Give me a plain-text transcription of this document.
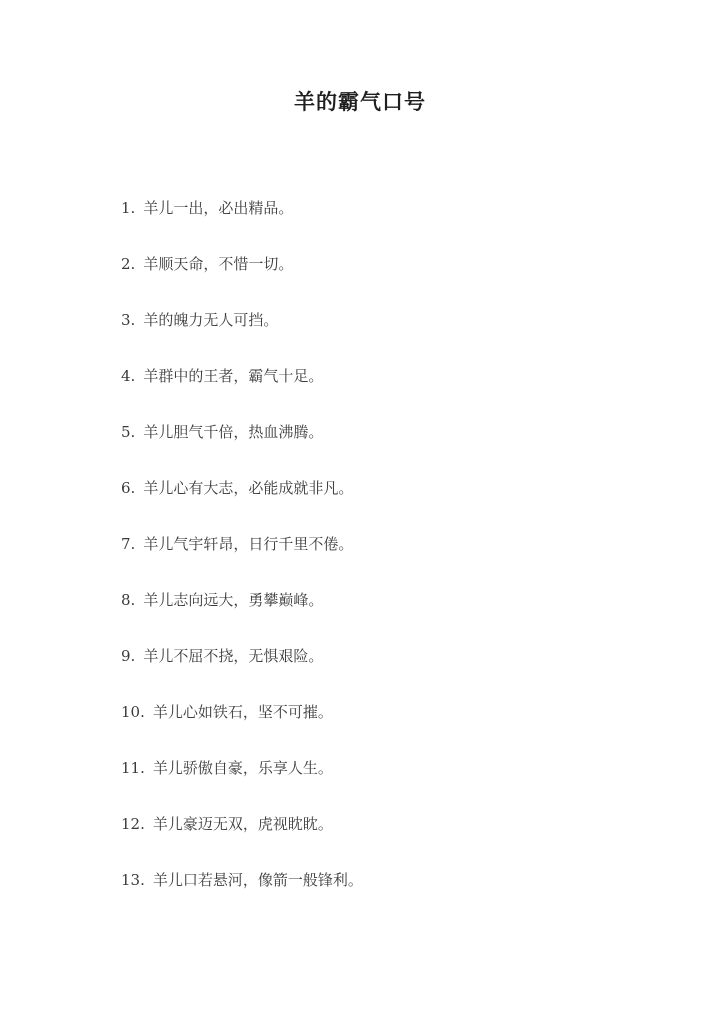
羊的霸气口号
1. 羊儿一出，必出精品。
2. 羊顺天命，不惜一切。
3. 羊的魄力无人可挡。
4. 羊群中的王者，霸气十足。
5. 羊儿胆气千倍，热血沸腾。
6. 羊儿心有大志，必能成就非凡。
7. 羊儿气宇轩昂，日行千里不倦。
8. 羊儿志向远大，勇攀巅峰。
9. 羊儿不屈不挠，无惧艰险。
10. 羊儿心如铁石，坚不可摧。
11. 羊儿骄傲自豪，乐享人生。
12. 羊儿豪迈无双，虎视眈眈。
13. 羊儿口若悬河，像箭一般锋利。
